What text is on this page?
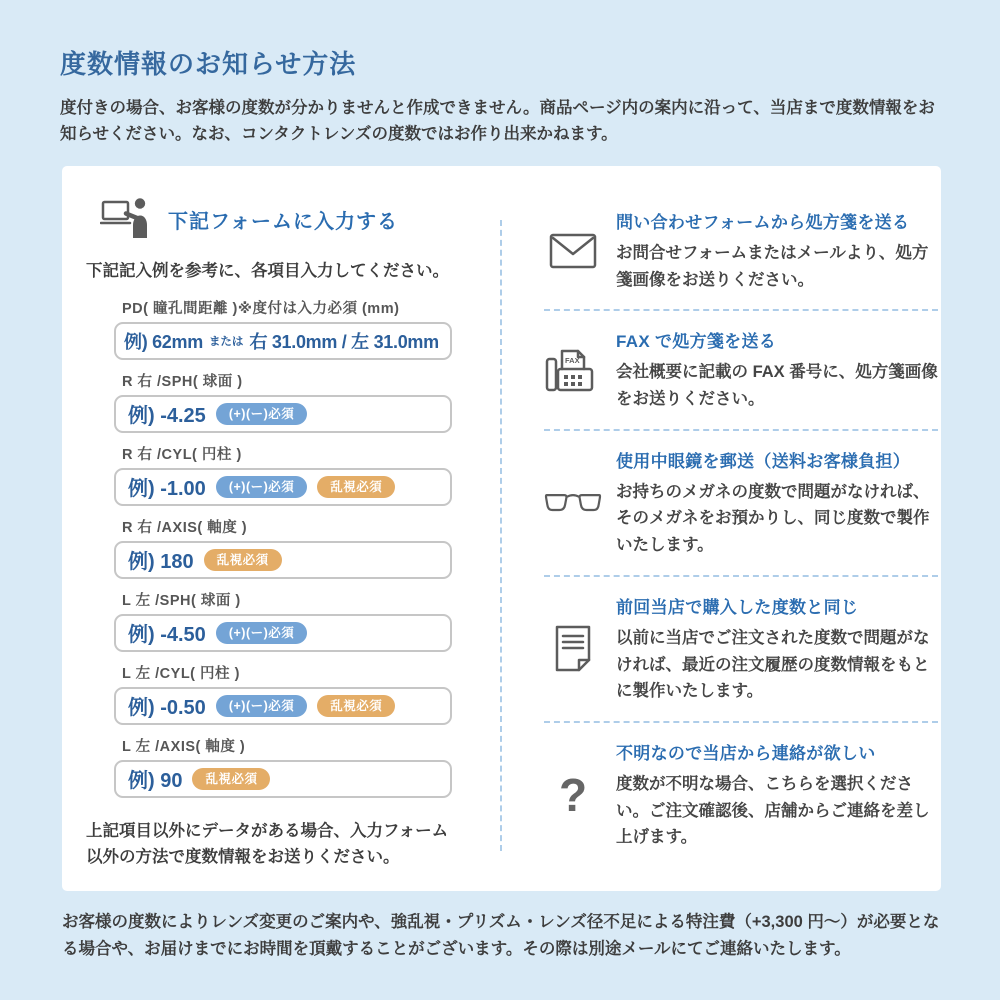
度数情報のお知らせ方法

度付きの場合、お客様の度数が分かりませんと作成できません。商品ページ内の案内に沿って、当店まで度数情報をお知らせください。なお、コンタクトレンズの度数ではお作り出来かねます。

下記フォームに入力する

下記記入例を参考に、各項目入力してください。

PD( 瞳孔間距離 )※度付は入力必須 (mm)
例) 62mm または 右 31.0mm / 左 31.0mm
R 右 /SPH( 球面 )
例) -4.25	(+)(ー)必須
R 右 /CYL( 円柱 )
例) -1.00	(+)(ー)必須	乱視必須
R 右 /AXIS( 軸度 )
例) 180	乱視必須
L 左 /SPH( 球面 )
例) -4.50	(+)(ー)必須
L 左 /CYL( 円柱 )
例) -0.50	(+)(ー)必須	乱視必須
L 左 /AXIS( 軸度 )
例) 90	乱視必須

上記項目以外にデータがある場合、入力フォーム以外の方法で度数情報をお送りください。

問い合わせフォームから処方箋を送る
お問合せフォームまたはメールより、処方箋画像をお送りください。
FAX
FAX で処方箋を送る
会社概要に記載の FAX 番号に、処方箋画像をお送りください。
使用中眼鏡を郵送（送料お客様負担）
お持ちのメガネの度数で問題がなければ、そのメガネをお預かりし、同じ度数で製作いたします。
前回当店で購入した度数と同じ
以前に当店でご注文された度数で問題がなければ、最近の注文履歴の度数情報をもとに製作いたします。
?
不明なので当店から連絡が欲しい
度数が不明な場合、こちらを選択ください。ご注文確認後、店舗からご連絡を差し上げます。

お客様の度数によりレンズ変更のご案内や、強乱視・プリズム・レンズ径不足による特注費（+3,300 円〜）が必要となる場合や、お届けまでにお時間を頂戴することがございます。その際は別途メールにてご連絡いたします。
